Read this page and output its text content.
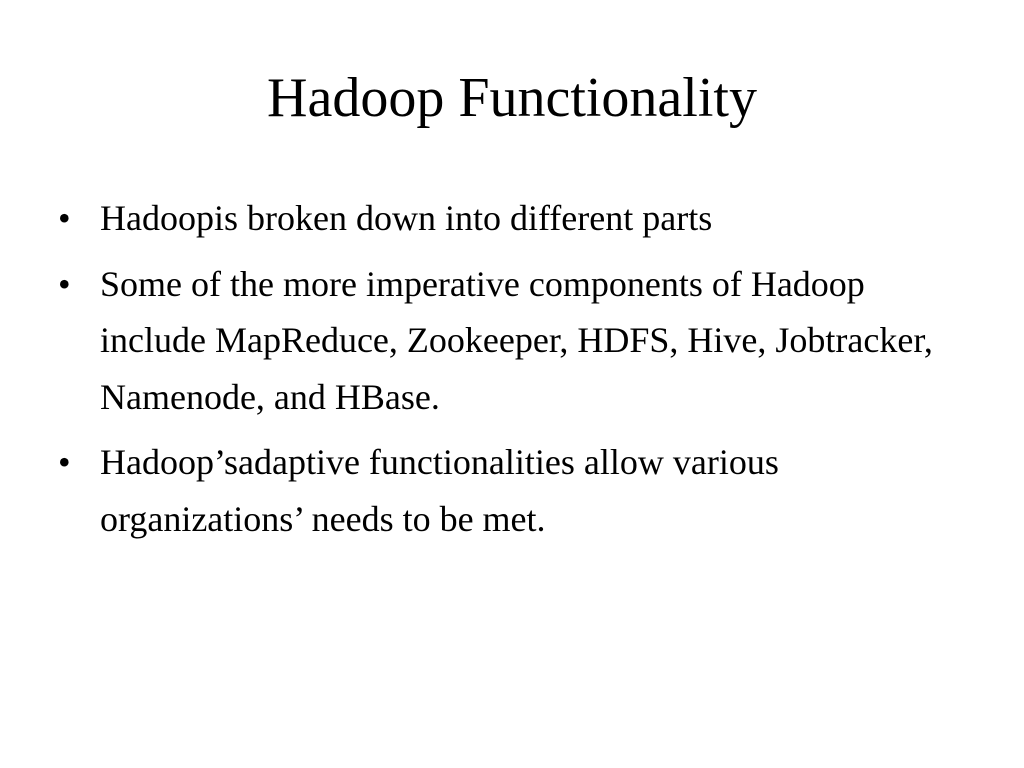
Hadoop Functionality
• Hadoopis broken down into different parts
• Some of the more imperative components of Hadoop include MapReduce, Zookeeper, HDFS, Hive, Jobtracker, Namenode, and HBase.
• Hadoop’sadaptive functionalities allow various organizations’ needs to be met.
